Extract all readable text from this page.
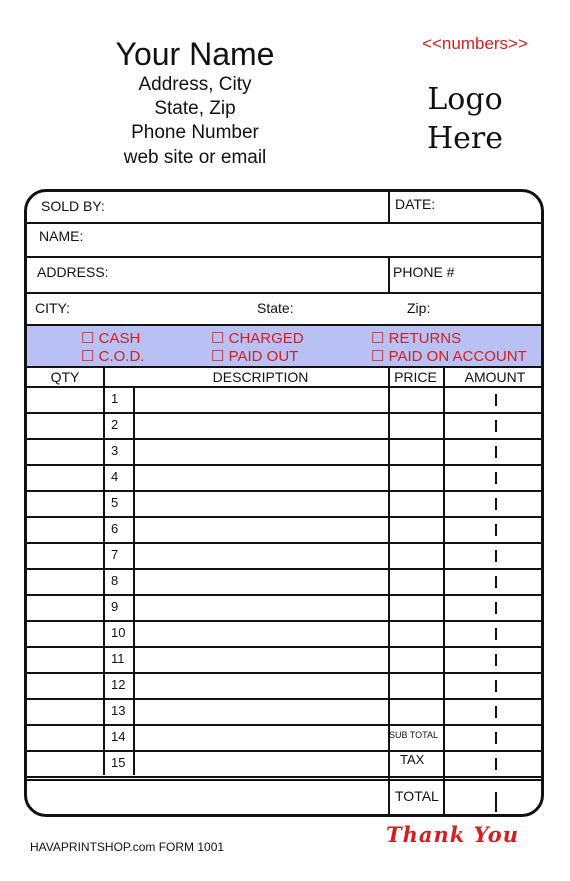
Your Name
Address, City
State, Zip
Phone Number
web site or email
<<numbers>>
Logo
Here
SOLD BY:	DATE:
NAME:
ADDRESS:	PHONE #
CITY:	State:	Zip:
☐ CASH	☐ CHARGED	☐ RETURNS
☐ C.O.D.	☐ PAID OUT	☐ PAID ON ACCOUNT
QTY	DESCRIPTION	PRICE	AMOUNT
1
2
3
4
5
6
7
8
9
10
11
12
13
14
15
SUB TOTAL
TAX
TOTAL
HAVAPRINTSHOP.com FORM 1001	Thank You
